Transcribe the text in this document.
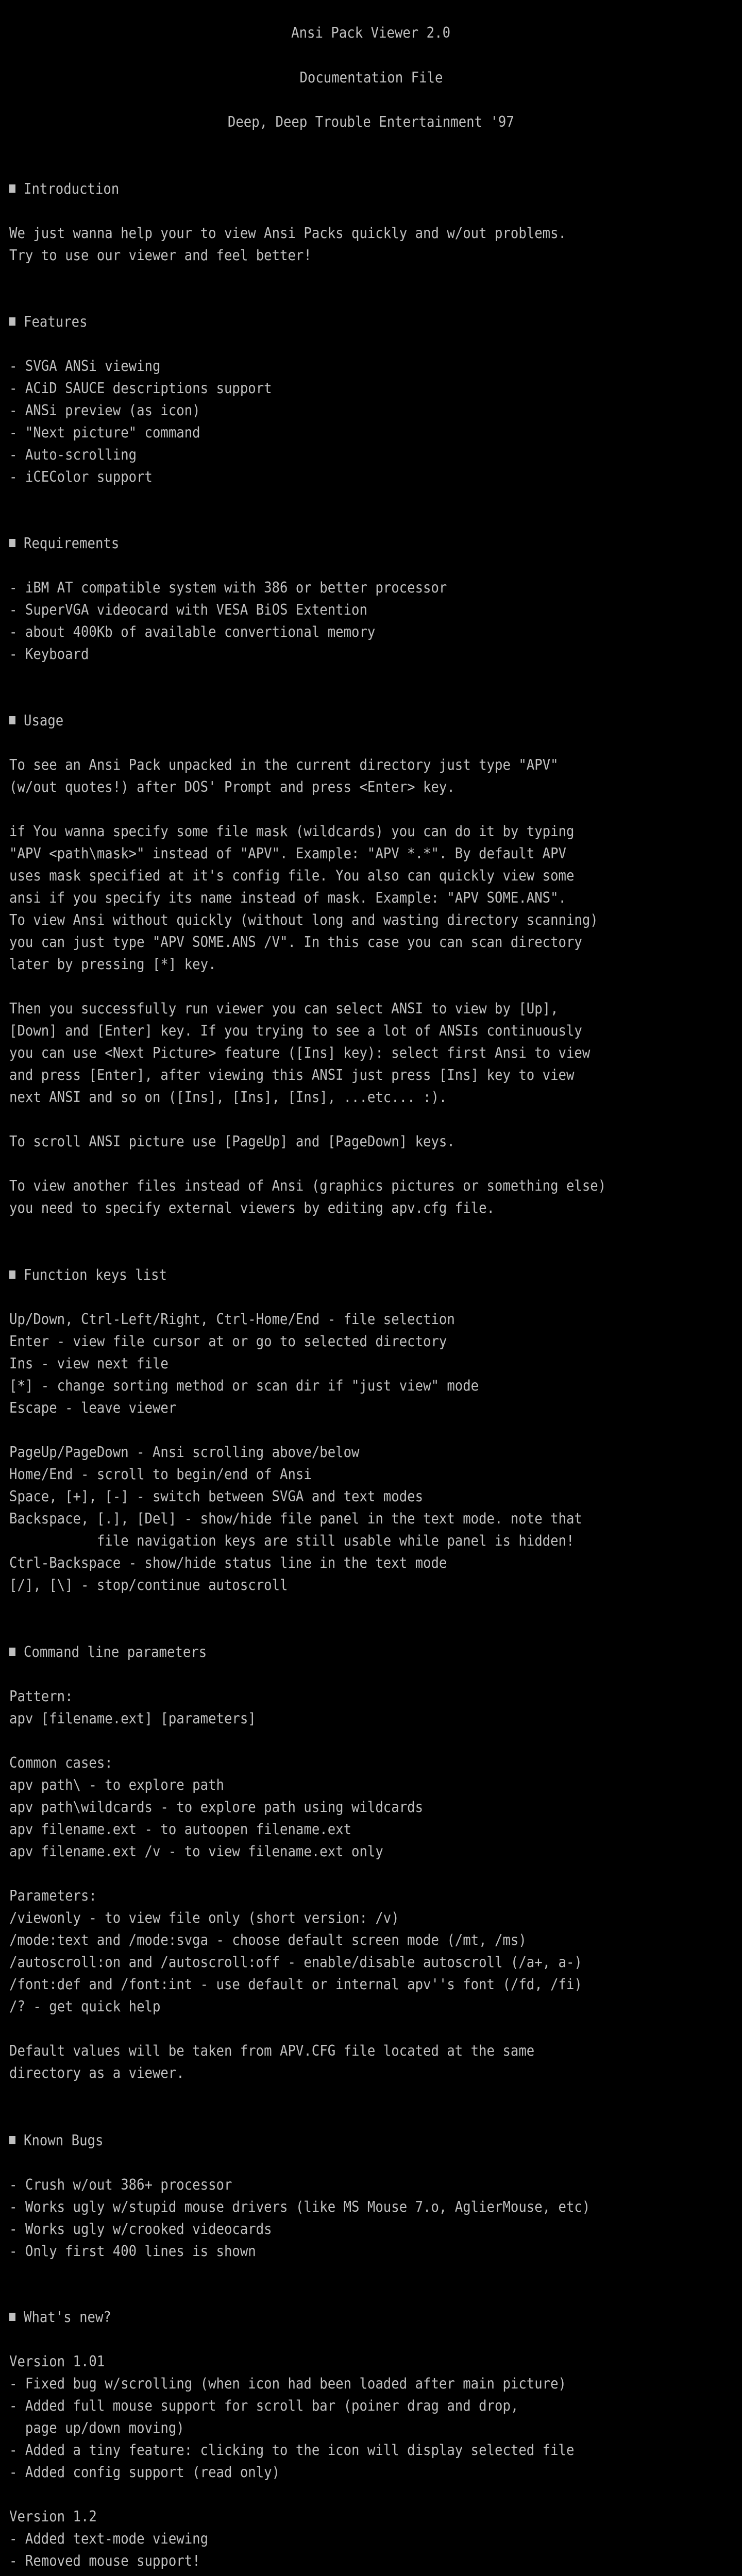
Ansi Pack Viewer 2.0
Documentation File
Deep, Deep Trouble Entertainment '97
Introduction
We just wanna help your to view Ansi Packs quickly and w/out problems.
Try to use our viewer and feel better!
Features
- SVGA ANSi viewing
- ACiD SAUCE descriptions support
- ANSi preview (as icon)
- "Next picture" command
- Auto-scrolling
- iCEColor support
Requirements
- iBM AT compatible system with 386 or better processor
- SuperVGA videocard with VESA BiOS Extention
- about 400Kb of available convertional memory
- Keyboard
Usage
To see an Ansi Pack unpacked in the current directory just type "APV"
(w/out quotes!) after DOS' Prompt and press <Enter> key.
if You wanna specify some file mask (wildcards) you can do it by typing
"APV <path\mask>" instead of "APV". Example: "APV *.*". By default APV
uses mask specified at it's config file. You also can quickly view some
ansi if you specify its name instead of mask. Example: "APV SOME.ANS".
To view Ansi without quickly (without long and wasting directory scanning)
you can just type "APV SOME.ANS /V". In this case you can scan directory
later by pressing [*] key.
Then you successfully run viewer you can select ANSI to view by [Up],
[Down] and [Enter] key. If you trying to see a lot of ANSIs continuously
you can use <Next Picture> feature ([Ins] key): select first Ansi to view
and press [Enter], after viewing this ANSI just press [Ins] key to view
next ANSI and so on ([Ins], [Ins], [Ins], ...etc... :).
To scroll ANSI picture use [PageUp] and [PageDown] keys.
To view another files instead of Ansi (graphics pictures or something else)
you need to specify external viewers by editing apv.cfg file.
Function keys list
Up/Down, Ctrl-Left/Right, Ctrl-Home/End - file selection
Enter - view file cursor at or go to selected directory
Ins - view next file
[*] - change sorting method or scan dir if "just view" mode
Escape - leave viewer
PageUp/PageDown - Ansi scrolling above/below
Home/End - scroll to begin/end of Ansi
Space, [+], [-] - switch between SVGA and text modes
Backspace, [.], [Del] - show/hide file panel in the text mode. note that
file navigation keys are still usable while panel is hidden!
Ctrl-Backspace - show/hide status line in the text mode
[/], [\] - stop/continue autoscroll
Command line parameters
Pattern:
apv [filename.ext] [parameters]
Common cases:
apv path\ - to explore path
apv path\wildcards - to explore path using wildcards
apv filename.ext - to autoopen filename.ext
apv filename.ext /v - to view filename.ext only
Parameters:
/viewonly - to view file only (short version: /v)
/mode:text and /mode:svga - choose default screen mode (/mt, /ms)
/autoscroll:on and /autoscroll:off - enable/disable autoscroll (/a+, a-)
/font:def and /font:int - use default or internal apv''s font (/fd, /fi)
/? - get quick help
Default values will be taken from APV.CFG file located at the same
directory as a viewer.
Known Bugs
- Crush w/out 386+ processor
- Works ugly w/stupid mouse drivers (like MS Mouse 7.o, AglierMouse, etc)
- Works ugly w/crooked videocards
- Only first 400 lines is shown
What's new?
Version 1.01
- Fixed bug w/scrolling (when icon had been loaded after main picture)
- Added full mouse support for scroll bar (poiner drag and drop,
page up/down moving)
- Added a tiny feature: clicking to the icon will display selected file
- Added config support (read only)
Version 1.2
- Added text-mode viewing
- Removed mouse support!
